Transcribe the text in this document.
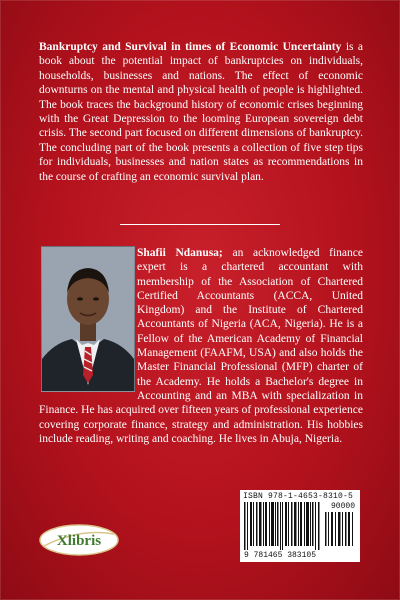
Bankruptcy and Survival in times of Economic Uncertainty is a book about the potential impact of bankruptcies on individuals, households, businesses and nations. The effect of economic downturns on the mental and physical health of people is highlighted. The book traces the background history of economic crises beginning with the Great Depression to the looming European sovereign debt crisis. The second part focused on different dimensions of bankruptcy. The concluding part of the book presents a collection of five step tips for individuals, businesses and nation states as recommendations in the course of crafting an economic survival plan.
Shafii Ndanusa; an acknowledged finance expert is a chartered accountant with membership of the Association of Chartered Certified Accountants (ACCA, United Kingdom) and the Institute of Chartered Accountants of Nigeria (ACA, Nigeria). He is a Fellow of the American Academy of Financial Management (FAAFM, USA) and also holds the Master Financial Professional (MFP) charter of the Academy. He holds a Bachelor's degree in Accounting and an MBA with specialization in Finance. He has acquired over fifteen years of professional experience covering corporate finance, strategy and administration. His hobbies include reading, writing and coaching. He lives in Abuja, Nigeria.
Xlibris
ISBN 978-1-4653-8310-5
90000
9 781465 383105
